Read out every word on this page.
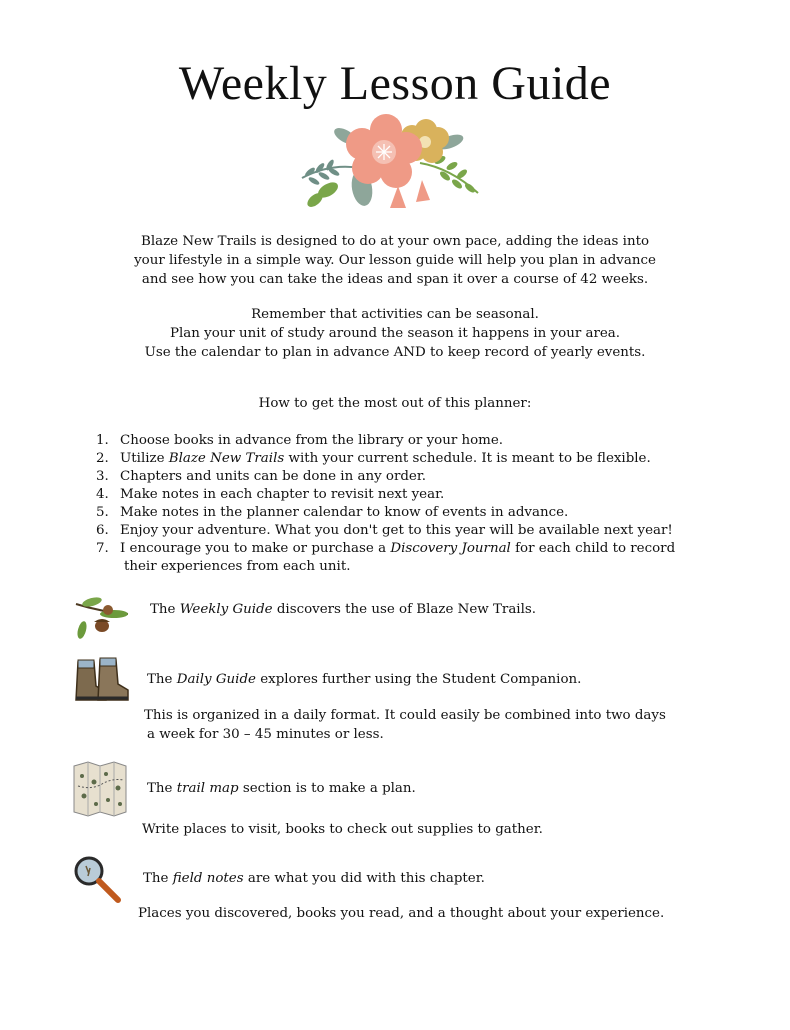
Weekly Lesson Guide
Blaze New Trails is designed to do at your own pace, adding the ideas into
your lifestyle in a simple way. Our lesson guide will help you plan in advance
and see how you can take the ideas and span it over a course of 42 weeks.
Remember that activities can be seasonal.
Plan your unit of study around the season it happens in your area.
Use the calendar to plan in advance AND to keep record of yearly events.
How to get the most out of this planner:
1. Choose books in advance from the library or your home.
2. Utilize Blaze New Trails with your current schedule. It is meant to be flexible.
3. Chapters and units can be done in any order.
4. Make notes in each chapter to revisit next year.
5. Make notes in the planner calendar to know of events in advance.
6. Enjoy your adventure. What you don't get to this year will be available next year!
7. I encourage you to make or purchase a Discovery Journal for each child to record
their experiences from each unit.
The Weekly Guide discovers the use of Blaze New Trails.
The Daily Guide explores further using the Student Companion.
This is organized in a daily format. It could easily be combined into two days
a week for 30 – 45 minutes or less.
The trail map section is to make a plan.
Write places to visit, books to check out supplies to gather.
The field notes are what you did with this chapter.
Places you discovered, books you read, and a thought about your experience.
